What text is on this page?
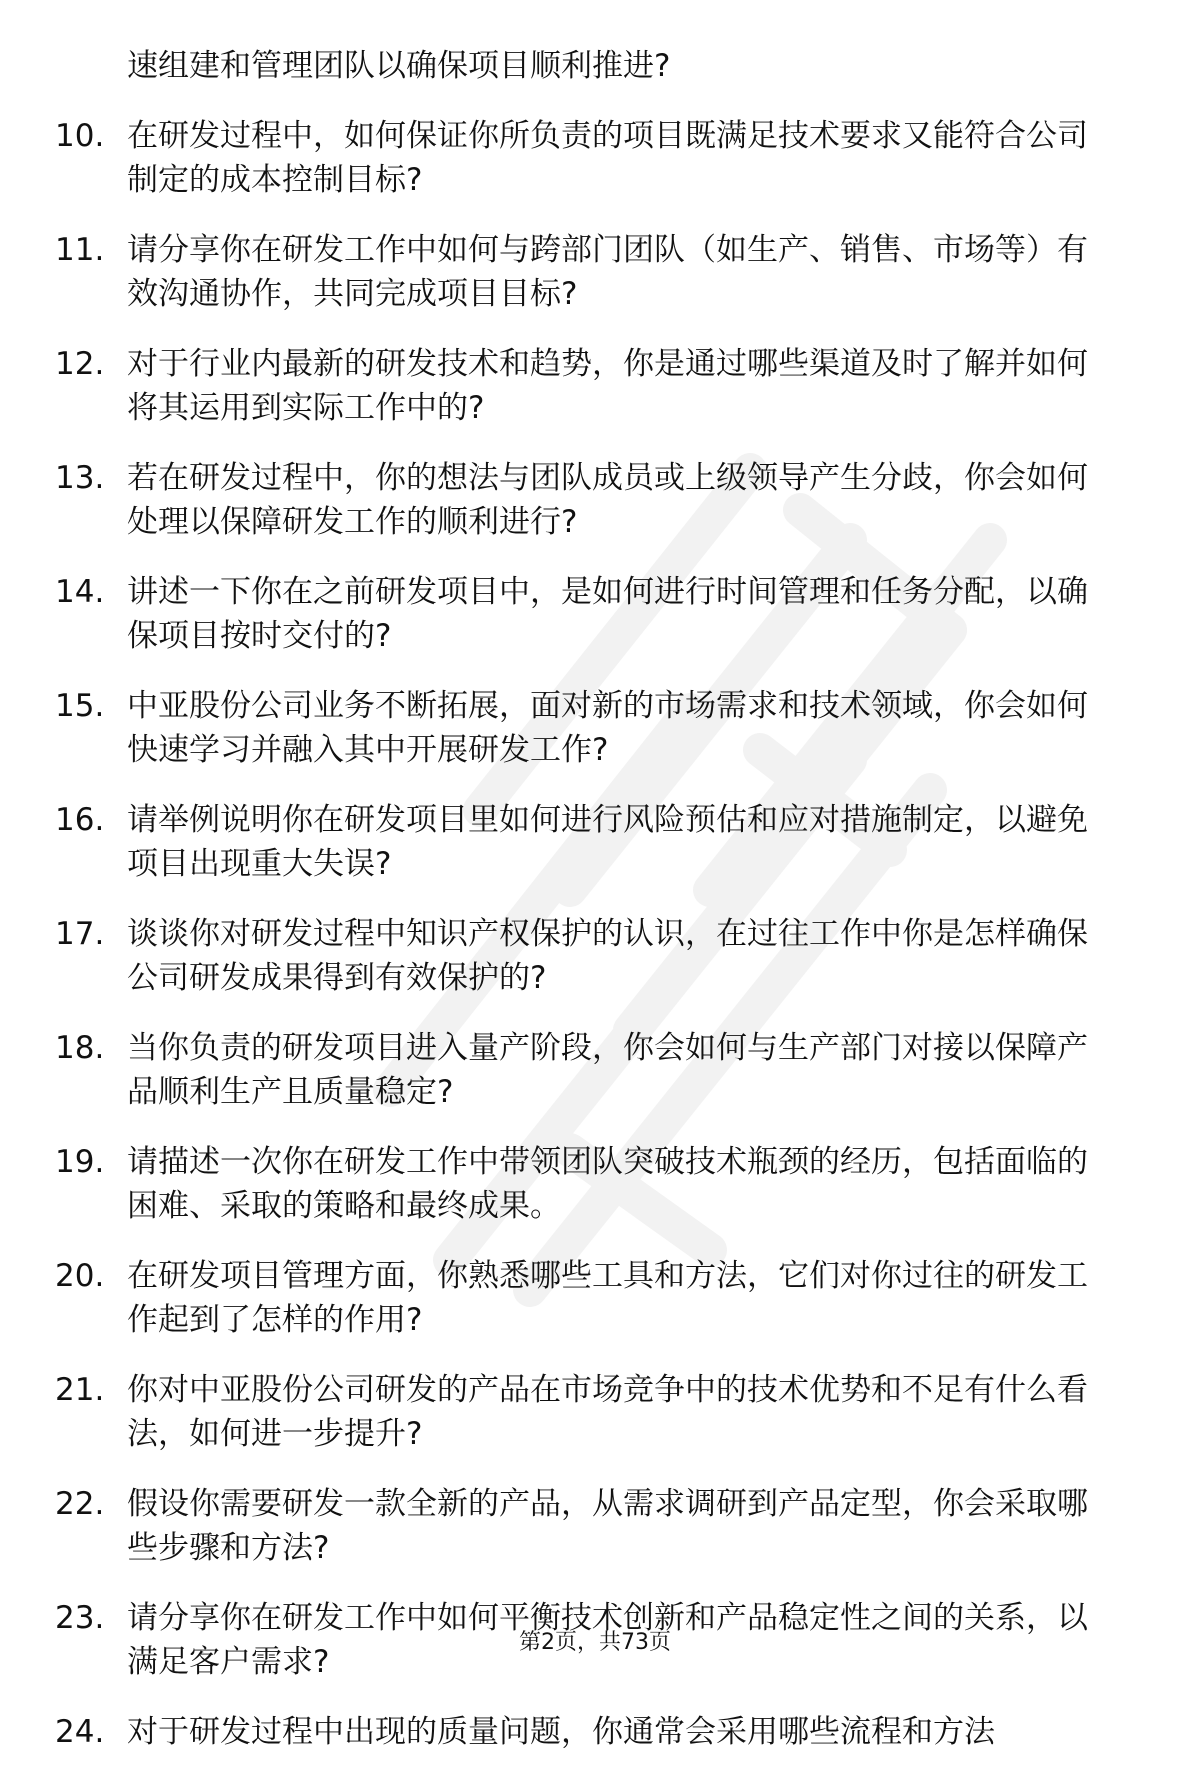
速组建和管理团队以确保项目顺利推进?
10. 在研发过程中，如何保证你所负责的项目既满足技术要求又能符合公司制定的成本控制目标?
11. 请分享你在研发工作中如何与跨部门团队（如生产、销售、市场等）有效沟通协作，共同完成项目目标?
12. 对于行业内最新的研发技术和趋势，你是通过哪些渠道及时了解并如何将其运用到实际工作中的?
13. 若在研发过程中，你的想法与团队成员或上级领导产生分歧，你会如何处理以保障研发工作的顺利进行?
14. 讲述一下你在之前研发项目中，是如何进行时间管理和任务分配，以确保项目按时交付的?
15. 中亚股份公司业务不断拓展，面对新的市场需求和技术领域，你会如何快速学习并融入其中开展研发工作?
16. 请举例说明你在研发项目里如何进行风险预估和应对措施制定，以避免项目出现重大失误?
17. 谈谈你对研发过程中知识产权保护的认识，在过往工作中你是怎样确保公司研发成果得到有效保护的?
18. 当你负责的研发项目进入量产阶段，你会如何与生产部门对接以保障产品顺利生产且质量稳定?
19. 请描述一次你在研发工作中带领团队突破技术瓶颈的经历，包括面临的困难、采取的策略和最终成果。
20. 在研发项目管理方面，你熟悉哪些工具和方法，它们对你过往的研发工作起到了怎样的作用?
21. 你对中亚股份公司研发的产品在市场竞争中的技术优势和不足有什么看法，如何进一步提升?
22. 假设你需要研发一款全新的产品，从需求调研到产品定型，你会采取哪些步骤和方法?
23. 请分享你在研发工作中如何平衡技术创新和产品稳定性之间的关系，以满足客户需求?
24. 对于研发过程中出现的质量问题，你通常会采用哪些流程和方法
第2页，共73页
